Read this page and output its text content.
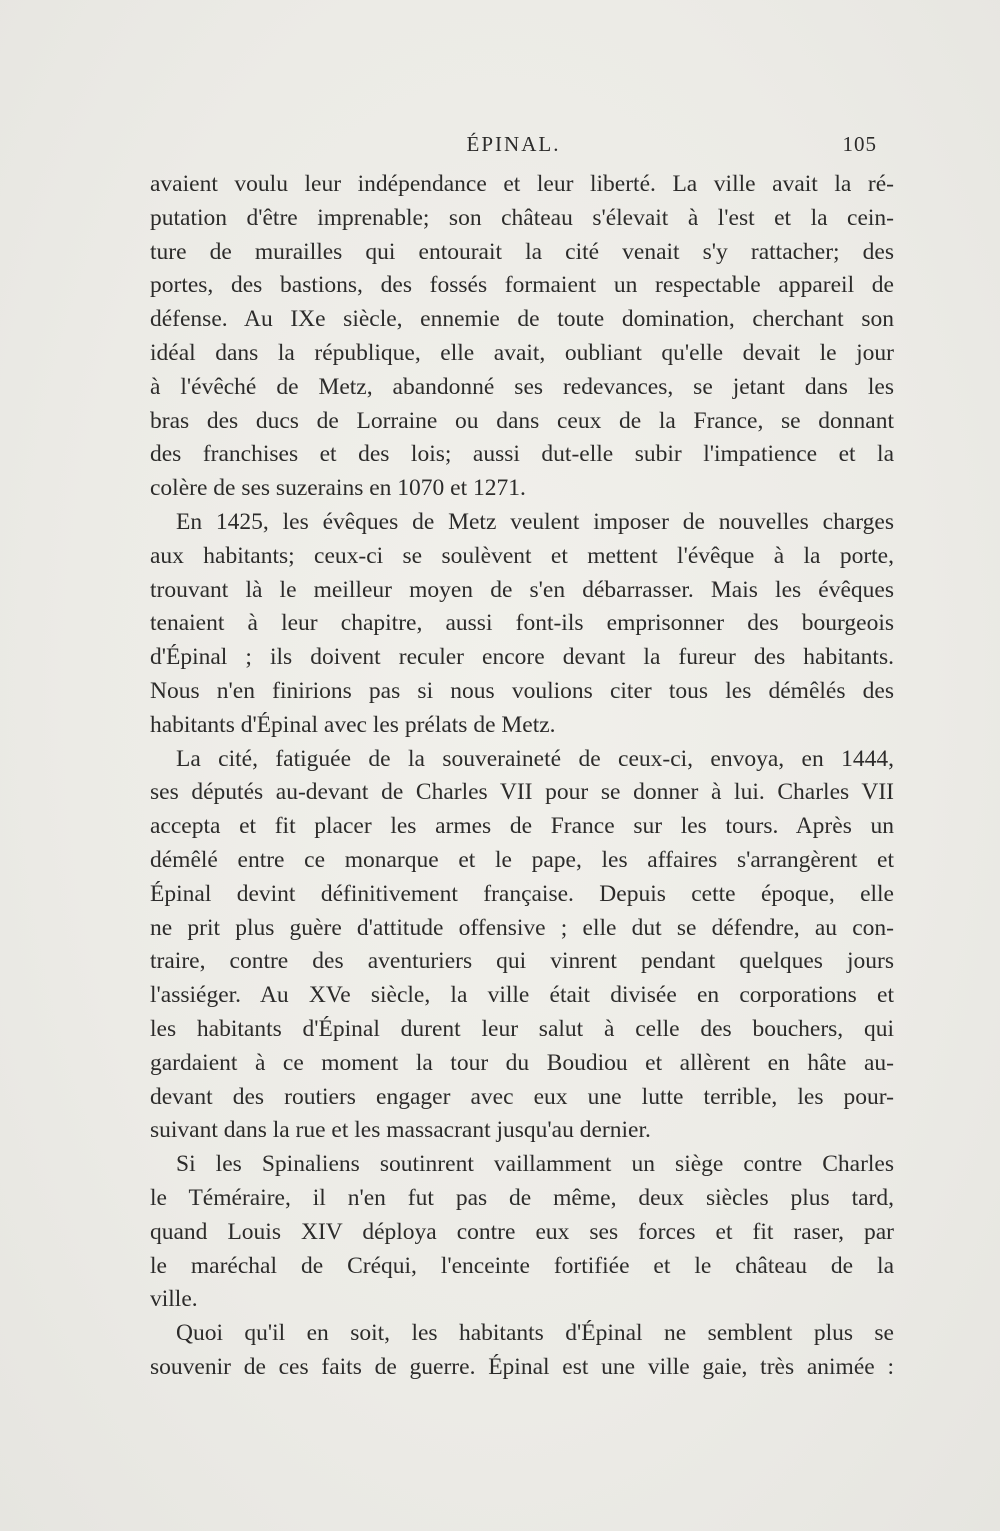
ÉPINAL.	105
avaient voulu leur indépendance et leur liberté. La ville avait la ré-
putation d'être imprenable; son château s'élevait à l'est et la cein-
ture de murailles qui entourait la cité venait s'y rattacher; des
portes, des bastions, des fossés formaient un respectable appareil de
défense. Au IXe siècle, ennemie de toute domination, cherchant son
idéal dans la république, elle avait, oubliant qu'elle devait le jour
à l'évêché de Metz, abandonné ses redevances, se jetant dans les
bras des ducs de Lorraine ou dans ceux de la France, se donnant
des franchises et des lois; aussi dut-elle subir l'impatience et la
colère de ses suzerains en 1070 et 1271.
En 1425, les évêques de Metz veulent imposer de nouvelles charges
aux habitants; ceux-ci se soulèvent et mettent l'évêque à la porte,
trouvant là le meilleur moyen de s'en débarrasser. Mais les évêques
tenaient à leur chapitre, aussi font-ils emprisonner des bourgeois
d'Épinal ; ils doivent reculer encore devant la fureur des habitants.
Nous n'en finirions pas si nous voulions citer tous les démêlés des
habitants d'Épinal avec les prélats de Metz.
La cité, fatiguée de la souveraineté de ceux-ci, envoya, en 1444,
ses députés au-devant de Charles VII pour se donner à lui. Charles VII
accepta et fit placer les armes de France sur les tours. Après un
démêlé entre ce monarque et le pape, les affaires s'arrangèrent et
Épinal devint définitivement française. Depuis cette époque, elle
ne prit plus guère d'attitude offensive ; elle dut se défendre, au con-
traire, contre des aventuriers qui vinrent pendant quelques jours
l'assiéger. Au XVe siècle, la ville était divisée en corporations et
les habitants d'Épinal durent leur salut à celle des bouchers, qui
gardaient à ce moment la tour du Boudiou et allèrent en hâte au-
devant des routiers engager avec eux une lutte terrible, les pour-
suivant dans la rue et les massacrant jusqu'au dernier.
Si les Spinaliens soutinrent vaillamment un siège contre Charles
le Téméraire, il n'en fut pas de même, deux siècles plus tard,
quand Louis XIV déploya contre eux ses forces et fit raser, par
le maréchal de Créqui, l'enceinte fortifiée et le château de la
ville.
Quoi qu'il en soit, les habitants d'Épinal ne semblent plus se
souvenir de ces faits de guerre. Épinal est une ville gaie, très animée :
